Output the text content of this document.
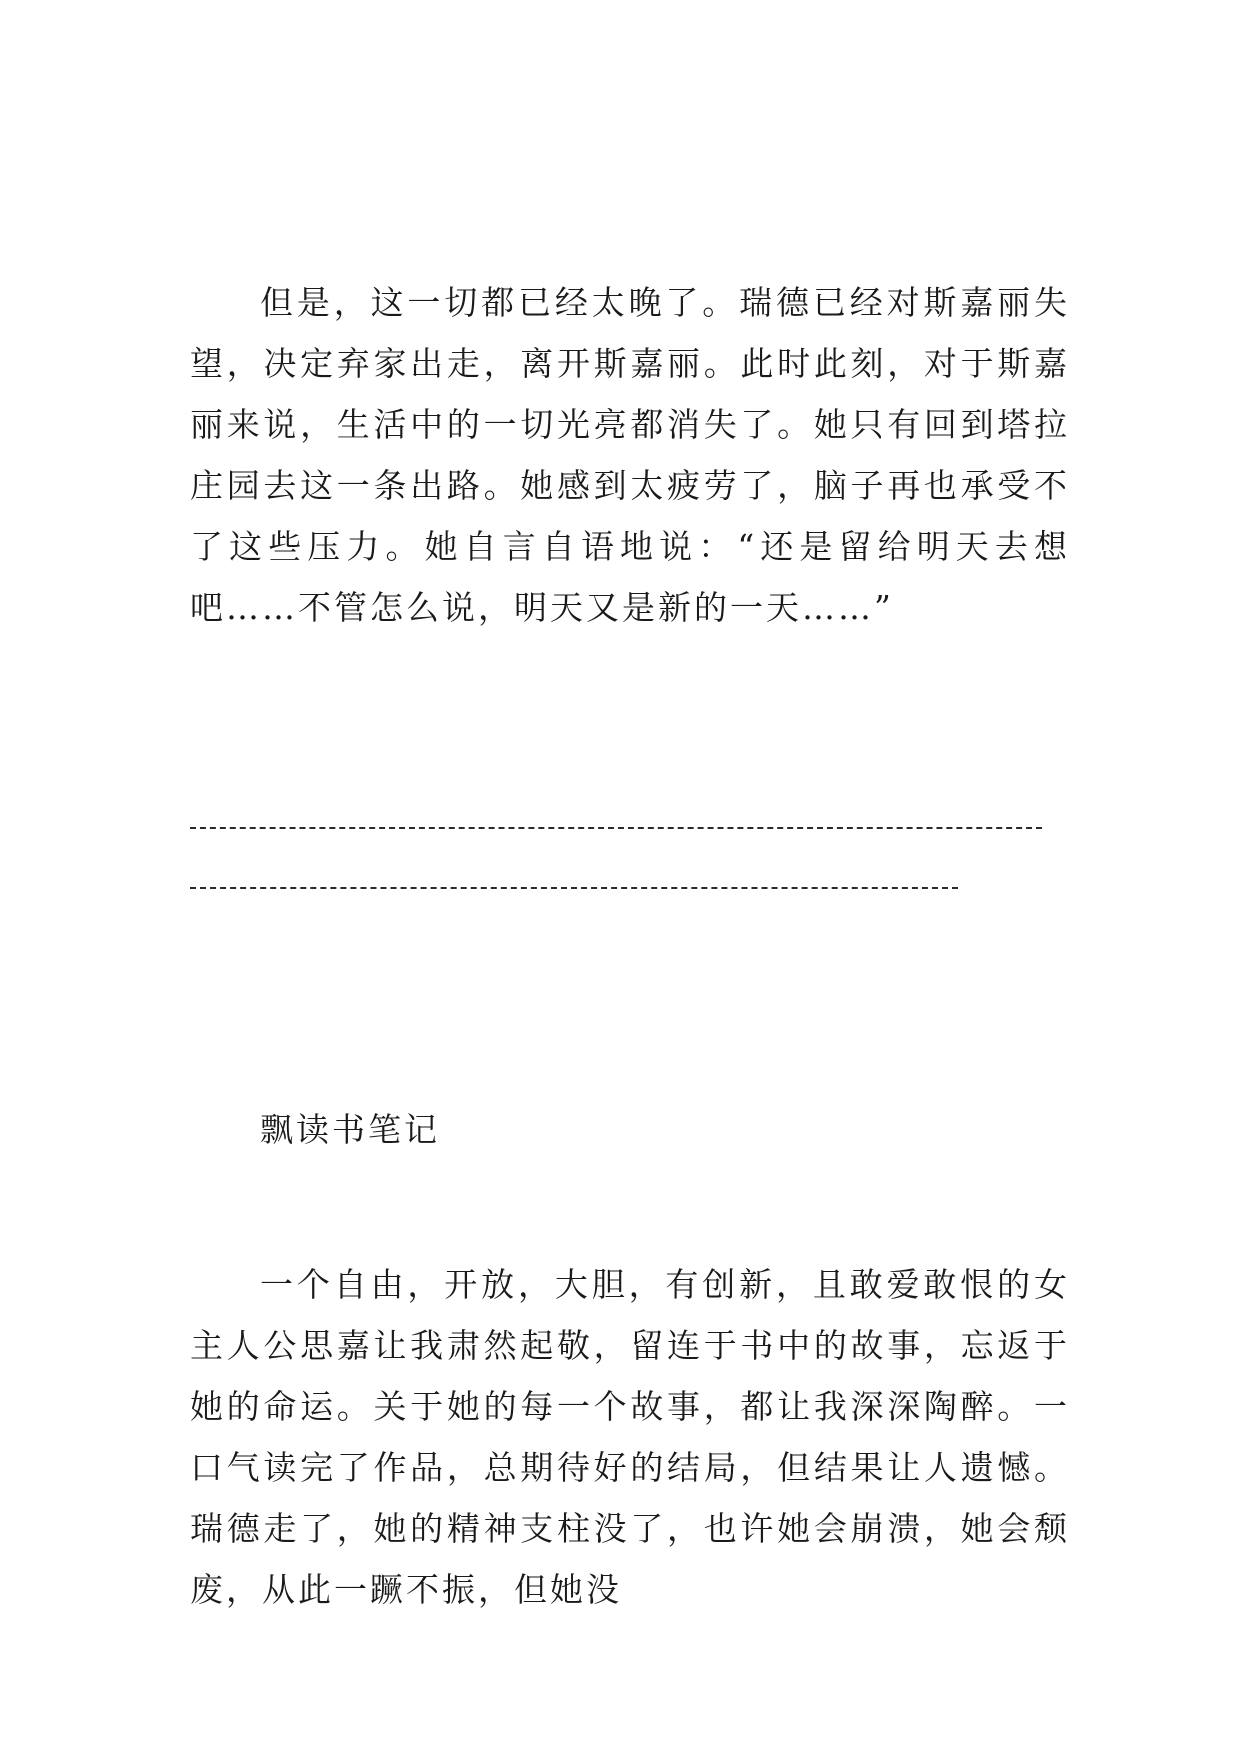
但是，这一切都已经太晚了。瑞德已经对斯嘉丽失望，决定弃家出走，离开斯嘉丽。此时此刻，对于斯嘉丽来说，生活中的一切光亮都消失了。她只有回到塔拉庄园去这一条出路。她感到太疲劳了，脑子再也承受不了这些压力。她自言自语地说：“还是留给明天去想吧……不管怎么说，明天又是新的一天……”

飘读书笔记

一个自由，开放，大胆，有创新，且敢爱敢恨的女主人公思嘉让我肃然起敬，留连于书中的故事，忘返于她的命运。关于她的每一个故事，都让我深深陶醉。一口气读完了作品，总期待好的结局，但结果让人遗憾。瑞德走了，她的精神支柱没了，也许她会崩溃，她会颓废，从此一蹶不振，但她没
